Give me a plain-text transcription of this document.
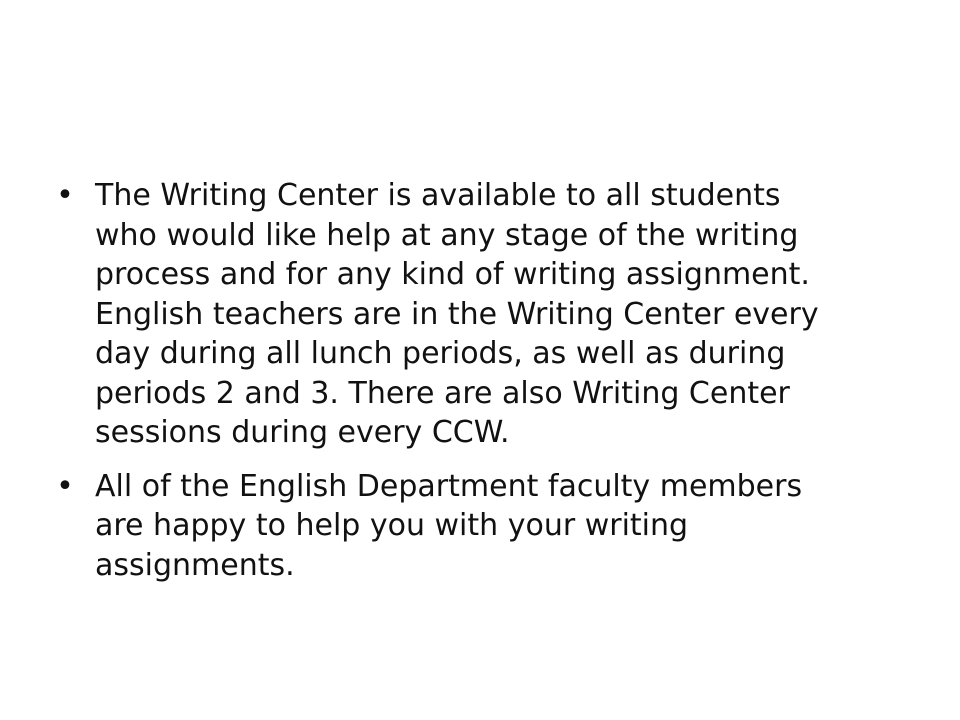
• The Writing Center is available to all students
who would like help at any stage of the writing
process and for any kind of writing assignment.
English teachers are in the Writing Center every
day during all lunch periods, as well as during
periods 2 and 3. There are also Writing Center
sessions during every CCW.
• All of the English Department faculty members
are happy to help you with your writing
assignments.
